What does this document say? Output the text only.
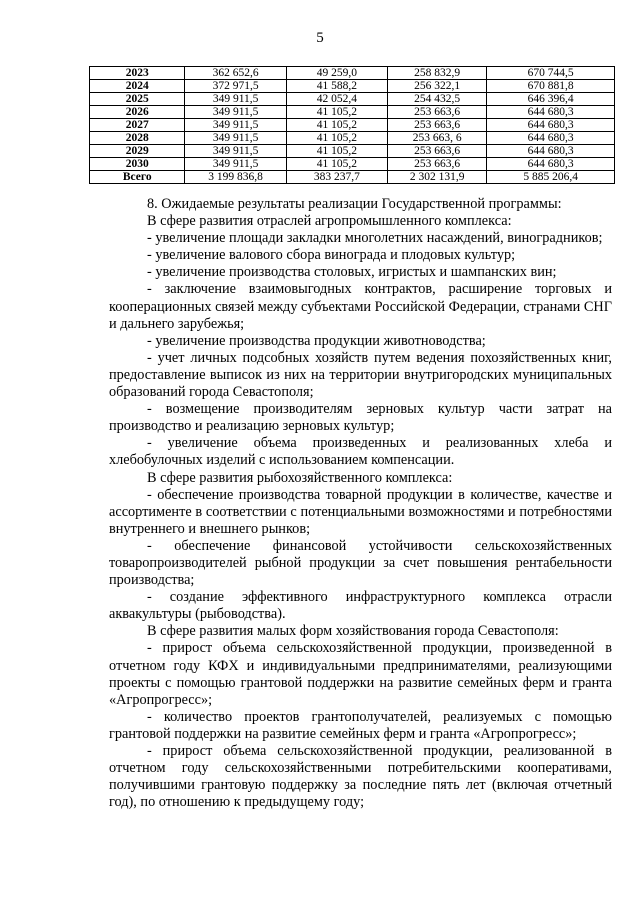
5
2023	362 652,6	49 259,0	258 832,9	670 744,5
2024	372 971,5	41 588,2	256 322,1	670 881,8
2025	349 911,5	42 052,4	254 432,5	646 396,4
2026	349 911,5	41 105,2	253 663,6	644 680,3
2027	349 911,5	41 105,2	253 663,6	644 680,3
2028	349 911,5	41 105,2	253 663, 6	644 680,3
2029	349 911,5	41 105,2	253 663,6	644 680,3
2030	349 911,5	41 105,2	253 663,6	644 680,3
Всего	3 199 836,8	383 237,7	2 302 131,9	5 885 206,4

8. Ожидаемые результаты реализации Государственной программы:

В сфере развития отраслей агропромышленного комплекса:

- увеличение площади закладки многолетних насаждений, виноградников;

- увеличение валового сбора винограда и плодовых культур;

- увеличение производства столовых, игристых и шампанских вин;

- заключение взаимовыгодных контрактов, расширение торговых и кооперационных связей между субъектами Российской Федерации, странами СНГ и дальнего зарубежья;

- увеличение производства продукции животноводства;

- учет личных подсобных хозяйств путем ведения похозяйственных книг, предоставление выписок из них на территории внутригородских муниципальных образований города Севастополя;

- возмещение производителям зерновых культур части затрат на производство и реализацию зерновых культур;

- увеличение объема произведенных и реализованных хлеба и хлебобулочных изделий с использованием компенсации.

В сфере развития рыбохозяйственного комплекса:

- обеспечение производства товарной продукции в количестве, качестве и ассортименте в соответствии с потенциальными возможностями и потребностями внутреннего и внешнего рынков;

- обеспечение финансовой устойчивости сельскохозяйственных товаропроизводителей рыбной продукции за счет повышения рентабельности производства;

- создание эффективного инфраструктурного комплекса отрасли аквакультуры (рыбоводства).

В сфере развития малых форм хозяйствования города Севастополя:

- прирост объема сельскохозяйственной продукции, произведенной в отчетном году КФХ и индивидуальными предпринимателями, реализующими проекты с помощью грантовой поддержки на развитие семейных ферм и гранта «Агропрогресс»;

- количество проектов грантополучателей, реализуемых с помощью грантовой поддержки на развитие семейных ферм и гранта «Агропрогресс»;

- прирост объема сельскохозяйственной продукции, реализованной в отчетном году сельскохозяйственными потребительскими кооперативами, получившими грантовую поддержку за последние пять лет (включая отчетный год), по отношению к предыдущему году;
